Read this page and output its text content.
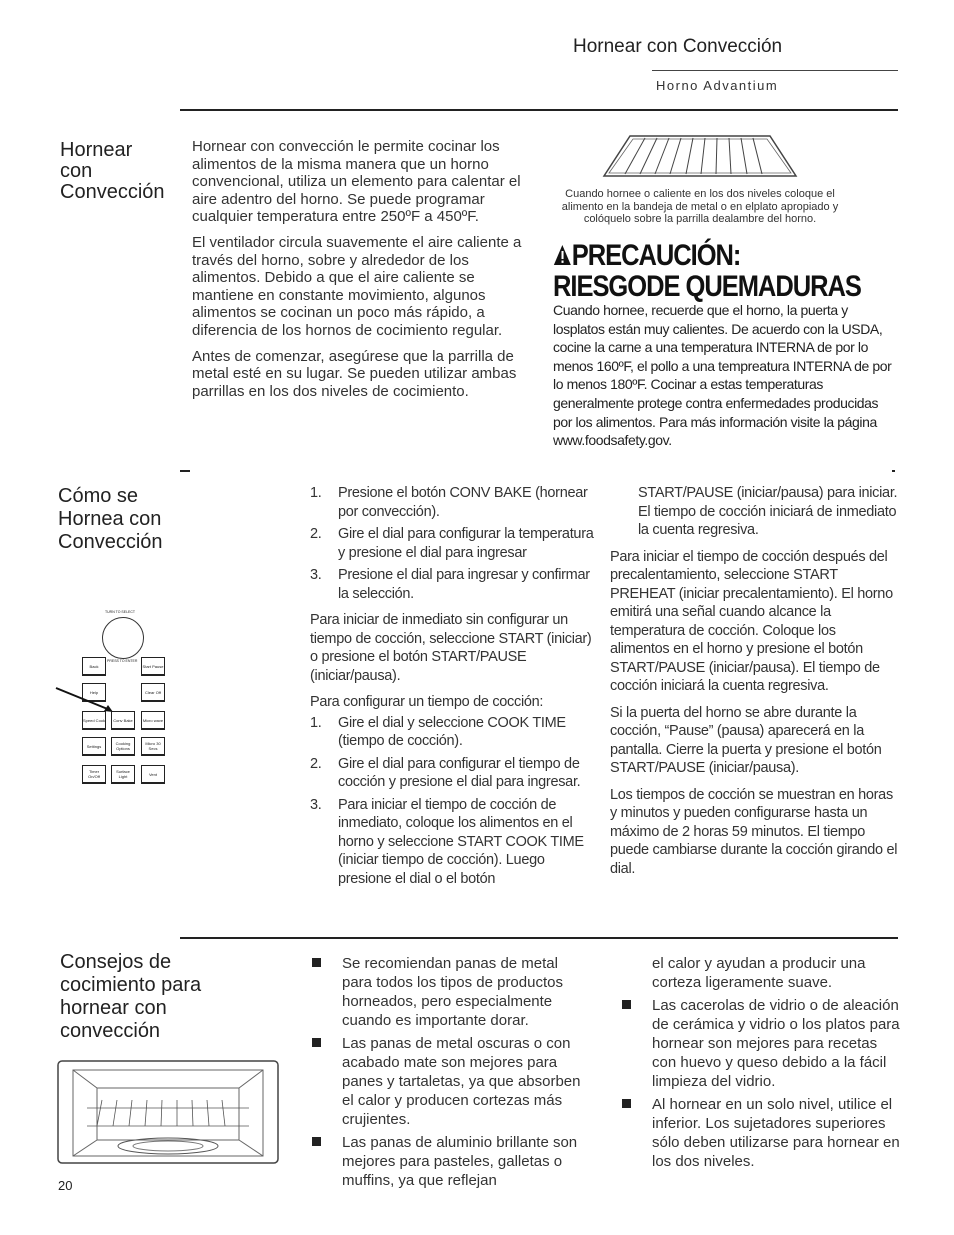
Hornear con Convección
Horno Advantium
Hornear
con
Convección

Hornear con convección le permite cocinar los alimentos de la misma manera que un horno convencional, utiliza un elemento para calentar el aire adentro del horno. Se puede programar cualquier temperatura entre 250ºF a 450ºF.

El ventilador circula suavemente el aire caliente a través del horno, sobre y alrededor de los alimentos. Debido a que el aire caliente se mantiene en constante movimiento, algunos alimentos se cocinan un poco más rápido, a diferencia de los hornos de cocimiento regular.

Antes de comenzar, asegúrese que la parrilla de metal esté en su lugar. Se pueden utilizar ambas parrillas en los dos niveles de cocimiento.

Cuando hornee o caliente en los dos niveles coloque el alimento en la bandeja de metal o en elplato apropiado y colóquelo sobre la parrilla dealambre del horno.
PRECAUCIÓN:
RIESGODE QUEMADURAS
Cuando hornee, recuerde que el horno, la puerta y losplatos están muy calientes. De acuerdo con la USDA, cocine la carne a una temperatura INTERNA de por lo menos 160ºF, el pollo a una tempreatura INTERNA de por lo menos 180ºF. Cocinar a estas temperaturas generalmente protege contra enfermedades producidas por los alimentos. Para más información visite la página www.foodsafety.gov.
Cómo se
Hornea con
Convección
1. Presione el botón CONV BAKE (hornear por convección).
2. Gire el dial para configurar la temperatura y presione el dial para ingresar
3. Presione el dial para ingresar y confirmar la selección.

Para iniciar de inmediato sin configurar un tiempo de cocción, seleccione START (iniciar) o presione el botón START/PAUSE (iniciar/pausa).

Para configurar un tiempo de cocción:

1. Gire el dial y seleccione COOK TIME (tiempo de cocción).
2. Gire el dial para configurar el tiempo de cocción y presione el dial para ingresar.
3. Para iniciar el tiempo de cocción de inmediato, coloque los alimentos en el horno y seleccione START COOK TIME (iniciar tiempo de cocción). Luego presione el dial o el botón

START/PAUSE (iniciar/pausa) para iniciar. El tiempo de cocción iniciará de inmediato la cuenta regresiva.

Para iniciar el tiempo de cocción después del precalentamiento, seleccione START PREHEAT (iniciar precalentamiento). El horno emitirá una señal cuando alcance la temperatura de cocción. Coloque los alimentos en el horno y presione el botón START/PAUSE (iniciar/pausa). El tiempo de cocción iniciará la cuenta regresiva.

Si la puerta del horno se abre durante la cocción, “Pause” (pausa) aparecerá en la pantalla. Cierre la puerta y presione el botón START/PAUSE (iniciar/pausa).

Los tiempos de cocción se muestran en horas y minutos y pueden configurarse hasta un máximo de 2 horas 59 minutos. El tiempo puede cambiarse durante la cocción girando el dial.

TURN TO SELECT
PRESS TO ENTER
Back	Start Pause
Help	Clear Off
Speed Cook	Conv Bake	Micro wave
Settings	Cooking Options
Micro 30 Secs
Timer On/Off
Surface Light	Vent
Consejos de
cocimiento para
hornear con
convección
Se recomiendan panas de metal para todos los tipos de productos horneados, pero especialmente cuando es importante dorar.
Las panas de metal oscuras o con acabado mate son mejores para panes y tartaletas, ya que absorben el calor y producen cortezas más crujientes.
Las panas de aluminio brillante son mejores para pasteles, galletas o muffins, ya que reflejan

el calor y ayudan a producir una corteza ligeramente suave.

Las cacerolas de vidrio o de aleación de cerámica y vidrio o los platos para hornear son mejores para recetas con huevo y queso debido a la fácil limpieza del vidrio.
Al hornear en un solo nivel, utilice el inferior. Los sujetadores superiores sólo deben utilizarse para hornear en los dos niveles.
20
